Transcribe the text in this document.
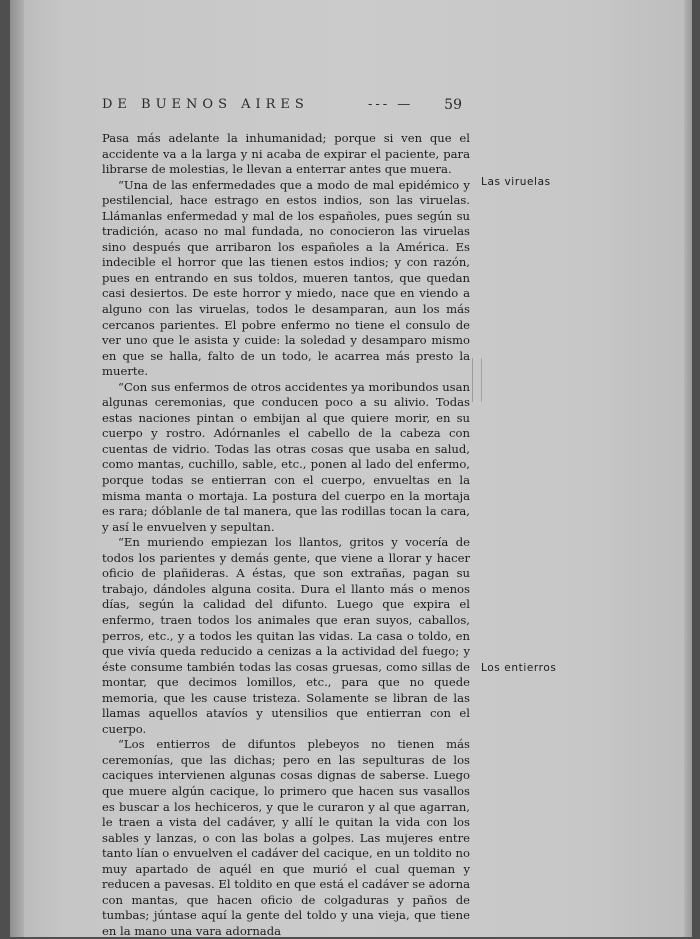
DE BUENOS AIRES	--- — 59

Pasa más adelante la inhumanidad; porque si ven que el accidente va a la larga y ni acaba de expirar el paciente, para librarse de molestias, le llevan a enterrar antes que muera.

“Una de las enfermedades que a modo de mal epidémico y pestilencial, hace estrago en estos indios, son las viruelas. Llámanlas enfermedad y mal de los españoles, pues según su tradición, acaso no mal fundada, no conocieron las viruelas sino después que arribaron los españoles a la América. Es indecible el horror que las tienen estos indios; y con razón, pues en entrando en sus toldos, mueren tantos, que quedan casi desiertos. De este horror y miedo, nace que en viendo a alguno con las viruelas, todos le desamparan, aun los más cercanos parientes. El pobre enfermo no tiene el consulo de ver uno que le asista y cuide: la soledad y desamparo mismo en que se halla, falto de un todo, le acarrea más presto la muerte.

“Con sus enfermos de otros accidentes ya moribundos usan algunas ceremonias, que conducen poco a su alivio. Todas estas naciones pintan o embijan al que quiere morir, en su cuerpo y rostro. Adórnanles el cabello de la cabeza con cuentas de vidrio. Todas las otras cosas que usaba en salud, como mantas, cuchillo, sable, etc., ponen al lado del enfermo, porque todas se entierran con el cuerpo, envueltas en la misma manta o mortaja. La postura del cuerpo en la mortaja es rara; dóblanle de tal manera, que las rodillas tocan la cara, y así le envuelven y sepultan.

“En muriendo empiezan los llantos, gritos y vocería de todos los parientes y demás gente, que viene a llorar y hacer oficio de plañideras. A éstas, que son extrañas, pagan su trabajo, dándoles alguna cosita. Dura el llanto más o menos días, según la calidad del difunto. Luego que expira el enfermo, traen todos los animales que eran suyos, caballos, perros, etc., y a todos les quitan las vidas. La casa o toldo, en que vivía queda reducido a cenizas a la actividad del fuego; y éste consume también todas las cosas gruesas, como sillas de montar, que decimos lomillos, etc., para que no quede memoria, que les cause tristeza. Solamente se libran de las llamas aquellos atavíos y utensilios que entierran con el cuerpo.

“Los entierros de difuntos plebeyos no tienen más ceremonías, que las dichas; pero en las sepulturas de los caciques intervienen algunas cosas dignas de saberse. Luego que muere algún cacique, lo primero que hacen sus vasallos es buscar a los hechiceros, y que le curaron y al que agarran, le traen a vista del cadáver, y allí le quitan la vida con los sables y lanzas, o con las bolas a golpes. Las mujeres entre tanto lían o envuelven el cadáver del cacique, en un toldito no muy apartado de aquél en que murió el cual queman y reducen a pavesas. El toldito en que está el cadáver se adorna con mantas, que hacen oficio de colgaduras y paños de tumbas; júntase aquí la gente del toldo y una vieja, que tiene en la mano una vara adornada

Las viruelas
Los entierros
